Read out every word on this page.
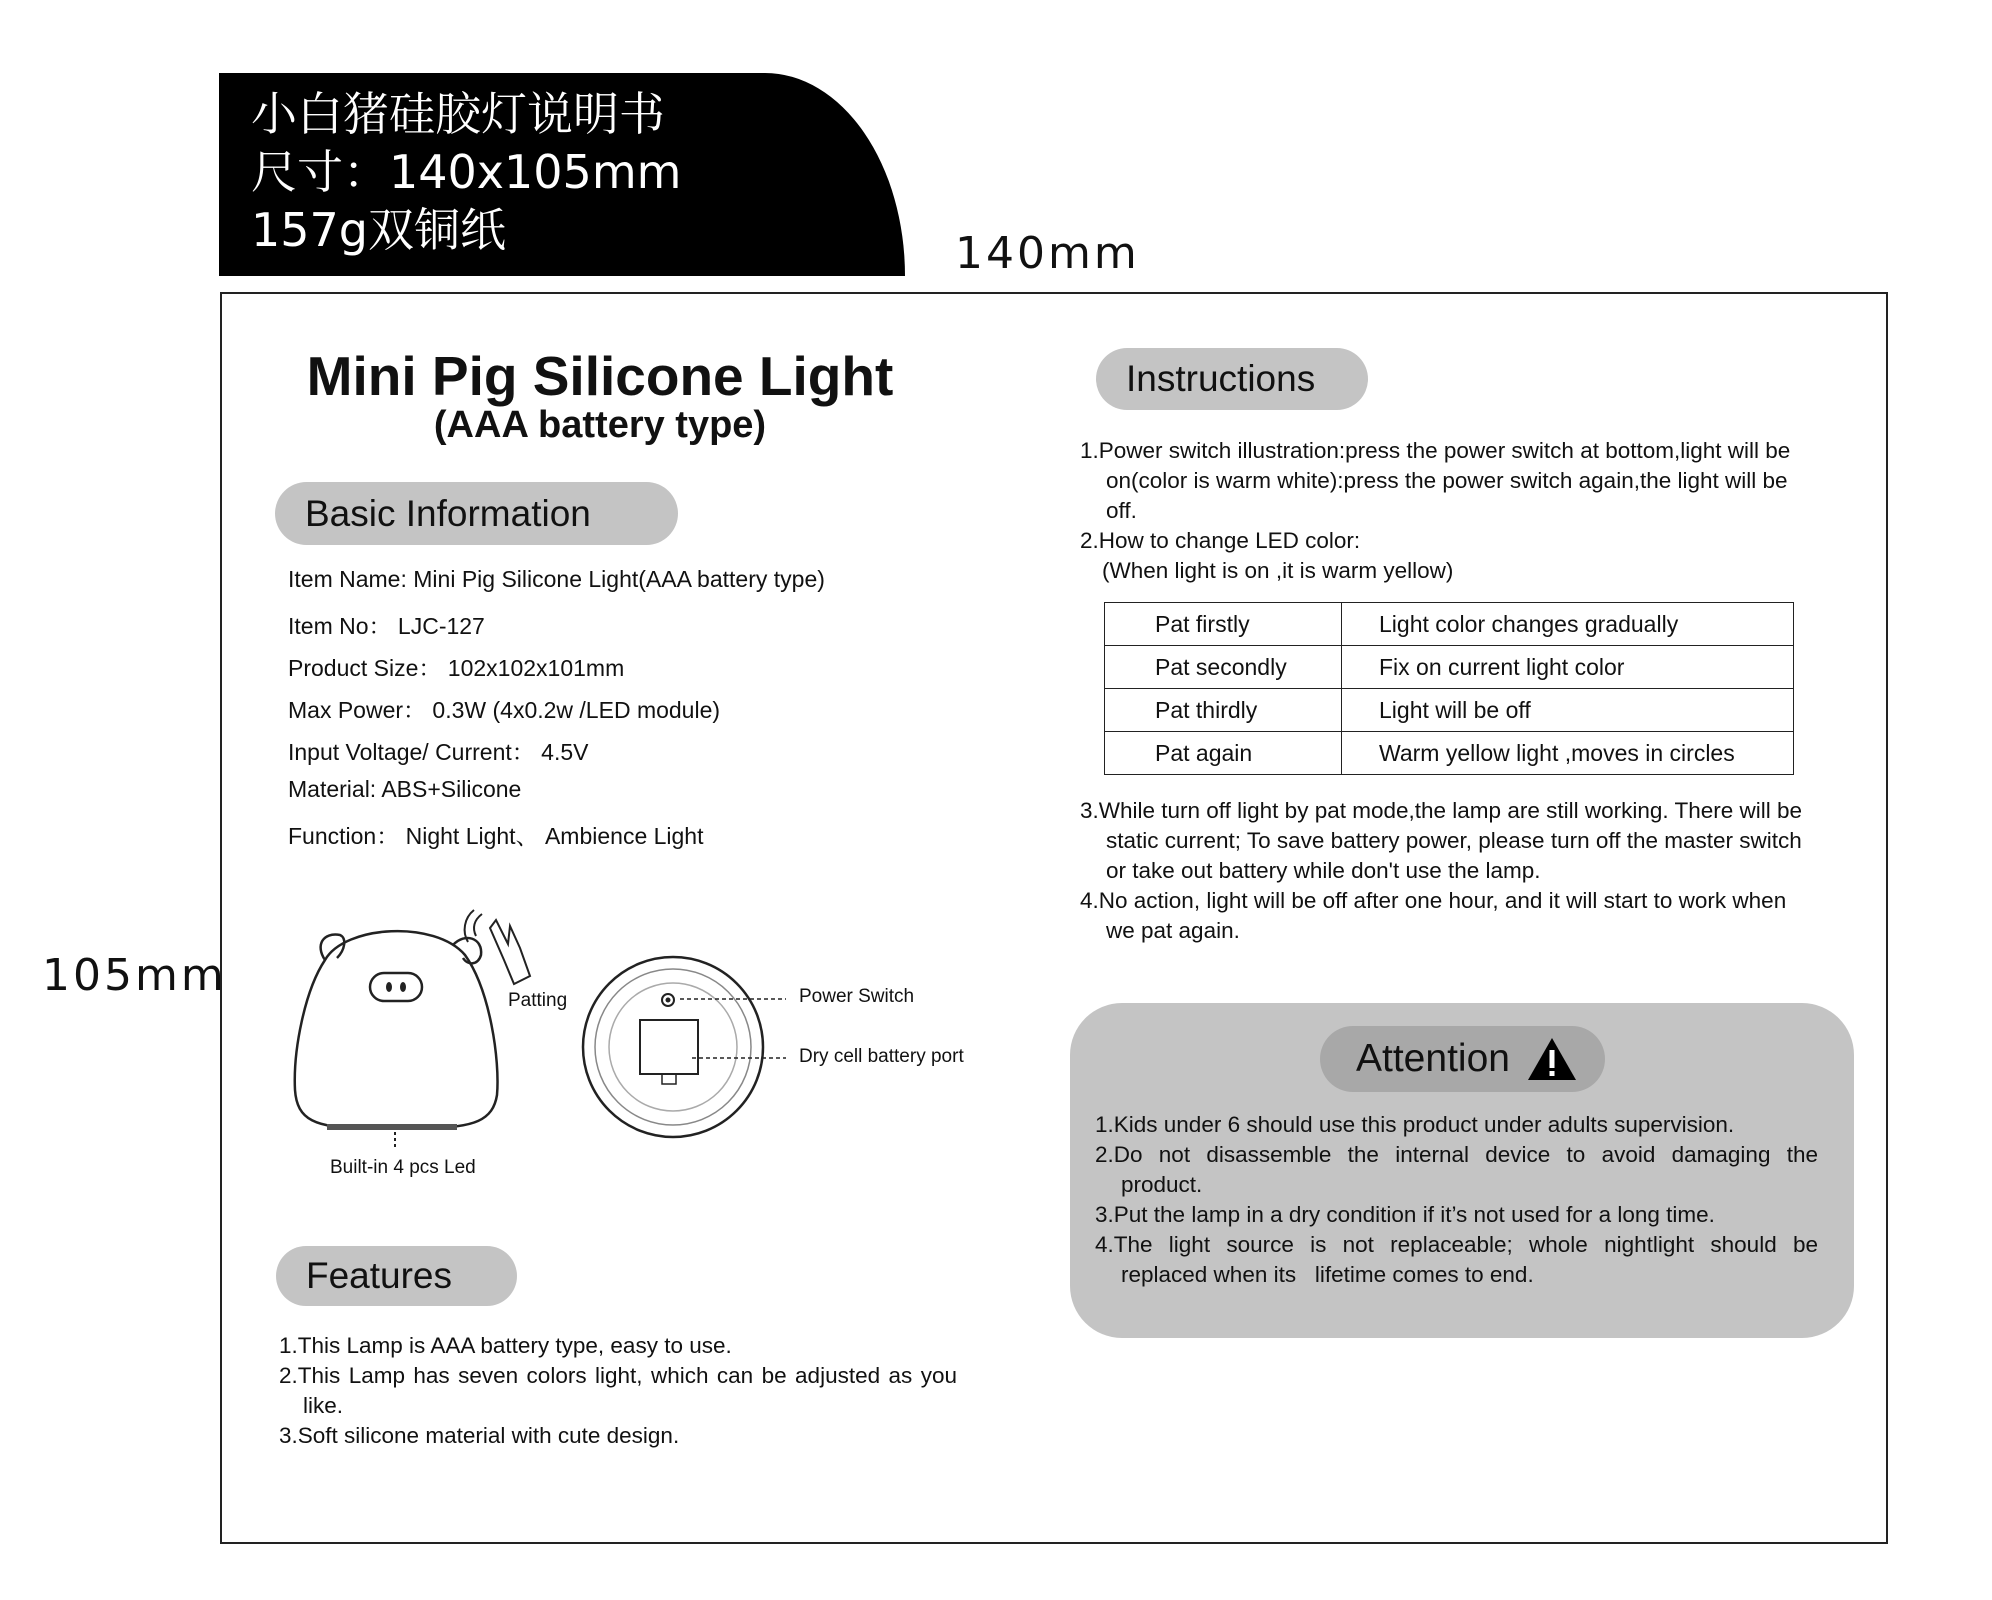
小白猪硅胶灯说明书
尺寸：140x105mm
157g双铜纸	140mm
105mm
Mini Pig Silicone Light
(AAA battery type)
Basic Information
Item Name: Mini Pig Silicone Light(AAA battery type)
Item No： LJC-127
Product Size： 102x102x101mm
Max Power： 0.3W (4x0.2w /LED module)
Input Voltage/ Current： 4.5V
Material: ABS+Silicone
Function： Night Light、 Ambience Light
Patting	Power Switch
Dry cell battery port
Built-in 4 pcs Led
Features
1.This Lamp is AAA battery type, easy to use.
2.This Lamp has seven colors light, which can be adjusted as you
like.
3.Soft silicone material with cute design.
Instructions
1.Power switch illustration:press the power switch at bottom,light will be
on(color is warm white):press the power switch again,the light will be
off.
2.How to change LED color:
(When light is on ,it is warm yellow)
Pat firstly	Light color changes gradually
Pat secondly	Fix on current light color
Pat thirdly	Light will be off
Pat again	Warm yellow light ,moves in circles
3.While turn off light by pat mode,the lamp are still working. There will be
static current; To save battery power, please turn off the master switch
or take out battery while don't use the lamp.
4.No action, light will be off after one hour, and it will start to work when
we pat again.
Attention
1.Kids under 6 should use this product under adults supervision.
2.Do not disassemble the internal device to avoid damaging the
product.
3.Put the lamp in a dry condition if it’s not used for a long time.
4.The light source is not replaceable; whole nightlight should be
replaced when its   lifetime comes to end.
